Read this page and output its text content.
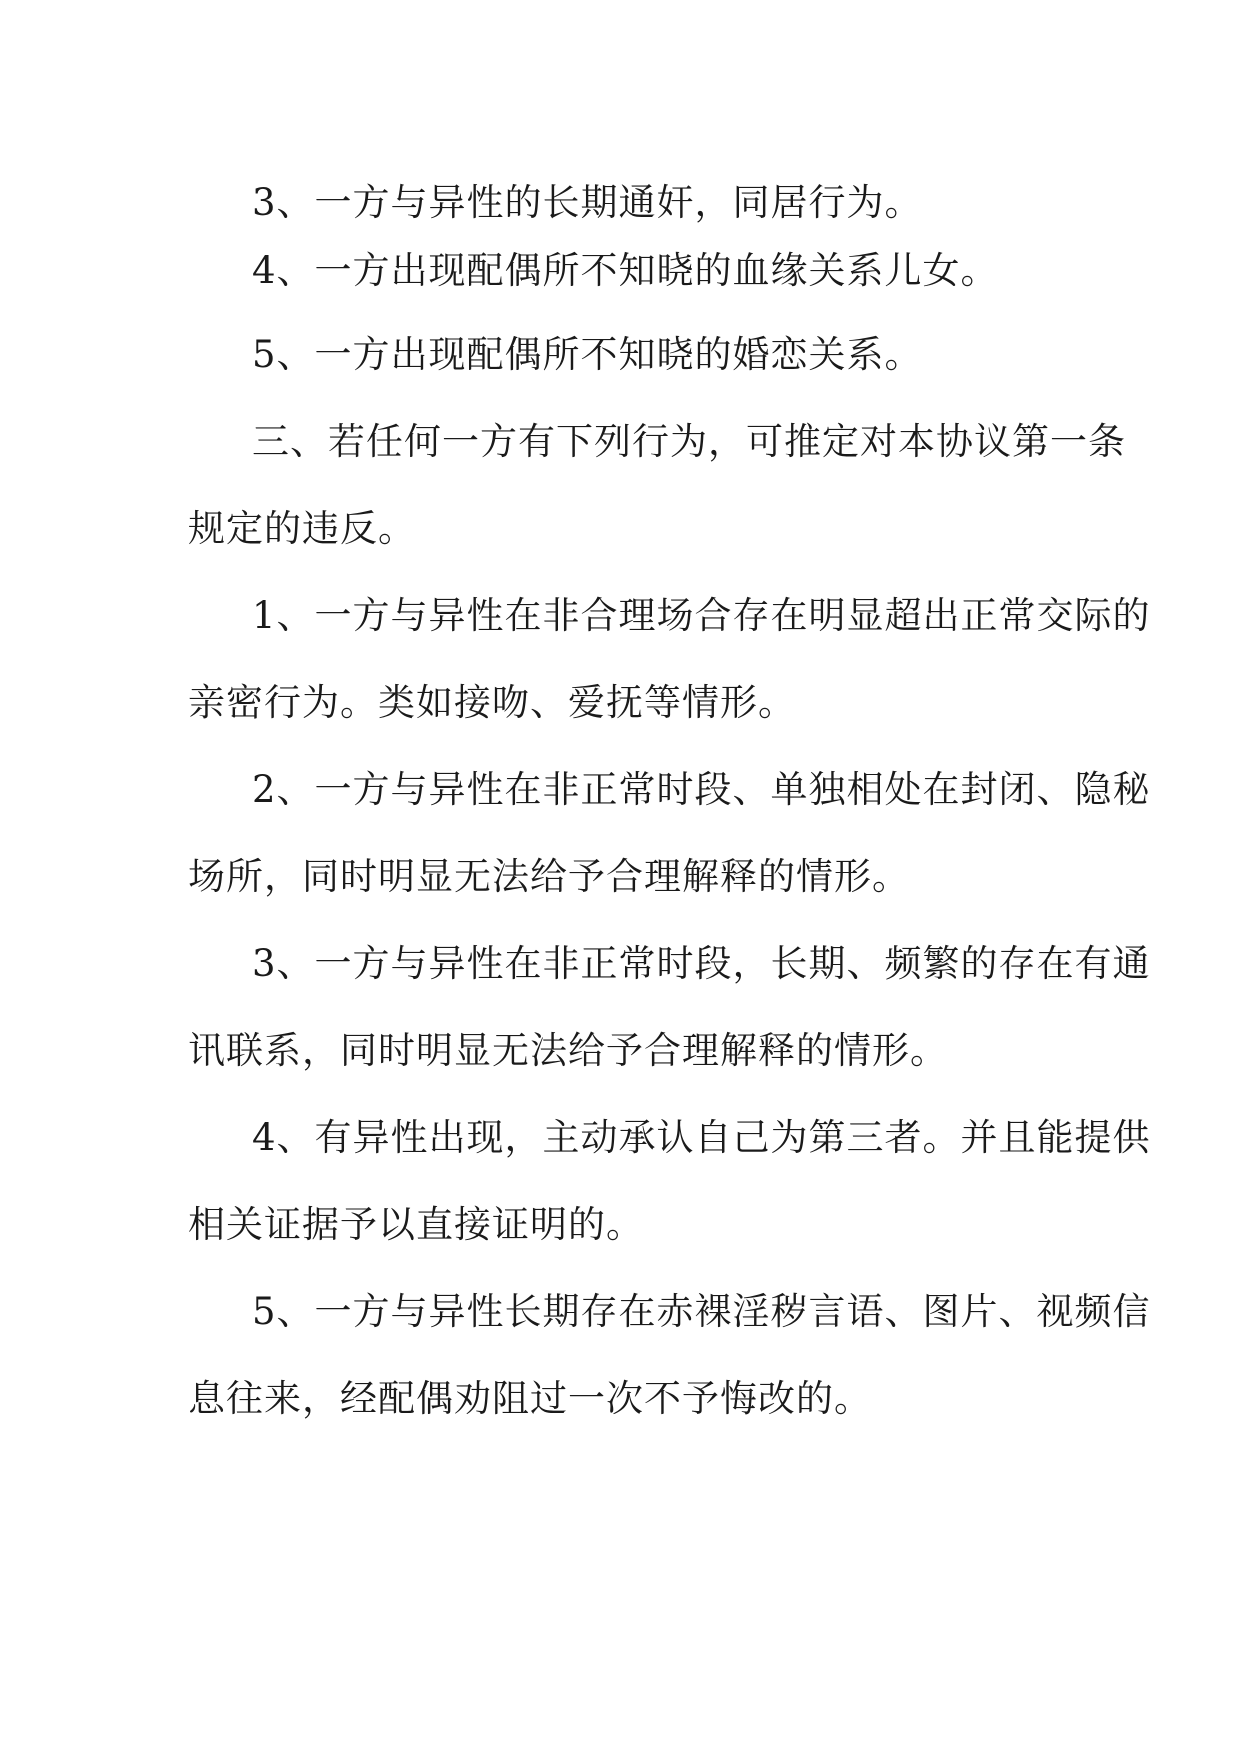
3、一方与异性的长期通奸，同居行为。

4、一方出现配偶所不知晓的血缘关系儿女。

5、一方出现配偶所不知晓的婚恋关系。

三、若任何一方有下列行为，可推定对本协议第一条

规定的违反。

1、一方与异性在非合理场合存在明显超出正常交际的

亲密行为。类如接吻、爱抚等情形。

2、一方与异性在非正常时段、单独相处在封闭、隐秘

场所，同时明显无法给予合理解释的情形。

3、一方与异性在非正常时段，长期、频繁的存在有通

讯联系，同时明显无法给予合理解释的情形。

4、有异性出现，主动承认自己为第三者。并且能提供

相关证据予以直接证明的。

5、一方与异性长期存在赤裸淫秽言语、图片、视频信

息往来，经配偶劝阻过一次不予悔改的。
